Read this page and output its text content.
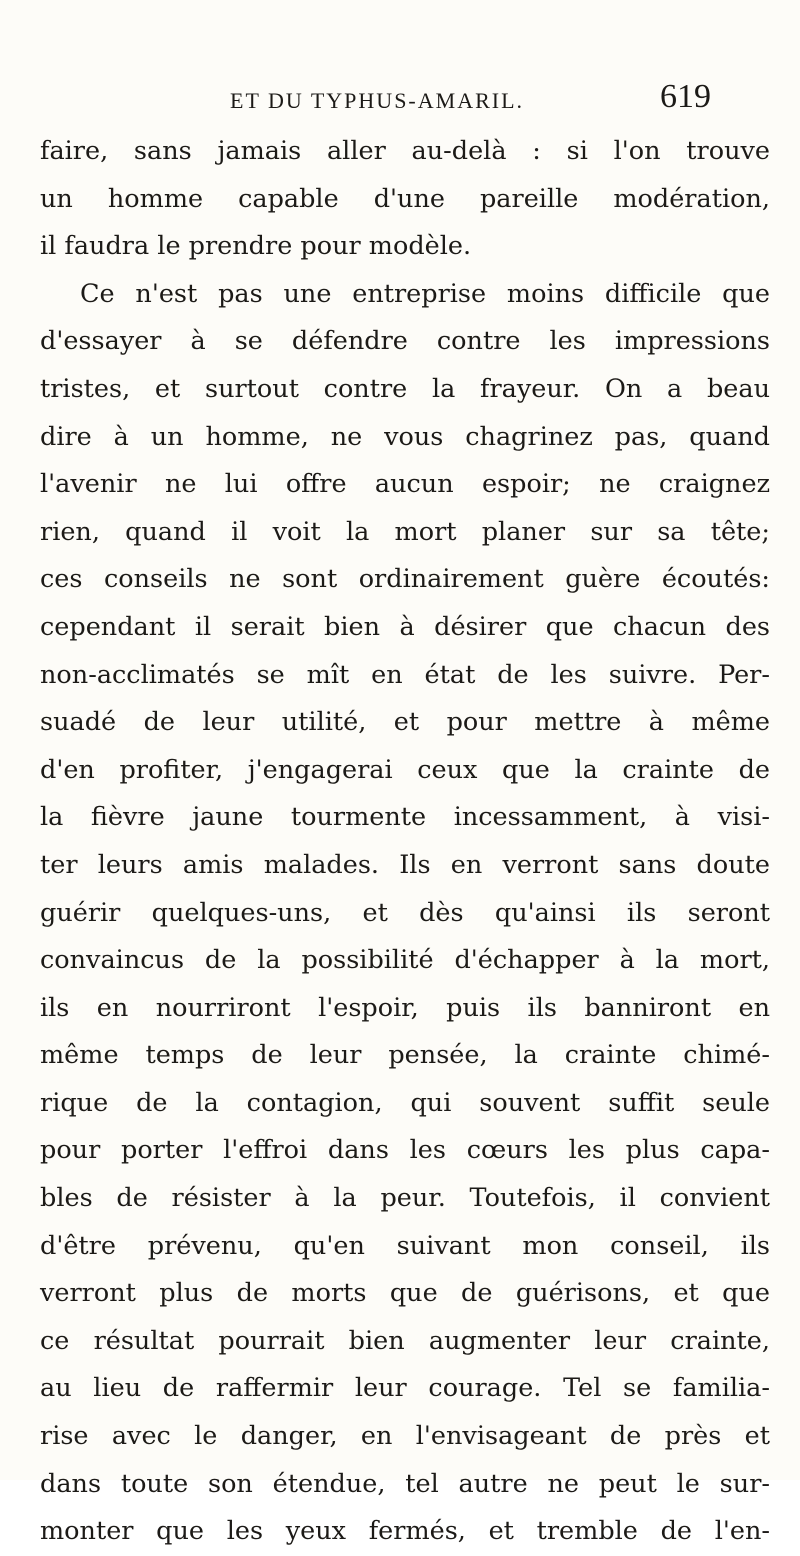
ET DU TYPHUS-AMARIL.	619
faire, sans jamais aller au-delà : si l'on trouve
un homme capable d'une pareille modération,
il faudra le prendre pour modèle.
Ce n'est pas une entreprise moins difficile que
d'essayer à se défendre contre les impressions
tristes, et surtout contre la frayeur. On a beau
dire à un homme, ne vous chagrinez pas, quand
l'avenir ne lui offre aucun espoir; ne craignez
rien, quand il voit la mort planer sur sa tête;
ces conseils ne sont ordinairement guère écoutés:
cependant il serait bien à désirer que chacun des
non-acclimatés se mît en état de les suivre. Per-
suadé de leur utilité, et pour mettre à même
d'en profiter, j'engagerai ceux que la crainte de
la fièvre jaune tourmente incessamment, à visi-
ter leurs amis malades. Ils en verront sans doute
guérir quelques-uns, et dès qu'ainsi ils seront
convaincus de la possibilité d'échapper à la mort,
ils en nourriront l'espoir, puis ils banniront en
même temps de leur pensée, la crainte chimé-
rique de la contagion, qui souvent suffit seule
pour porter l'effroi dans les cœurs les plus capa-
bles de résister à la peur. Toutefois, il convient
d'être prévenu, qu'en suivant mon conseil, ils
verront plus de morts que de guérisons, et que
ce résultat pourrait bien augmenter leur crainte,
au lieu de raffermir leur courage. Tel se familia-
rise avec le danger, en l'envisageant de près et
dans toute son étendue, tel autre ne peut le sur-
monter que les yeux fermés, et tremble de l'en-
